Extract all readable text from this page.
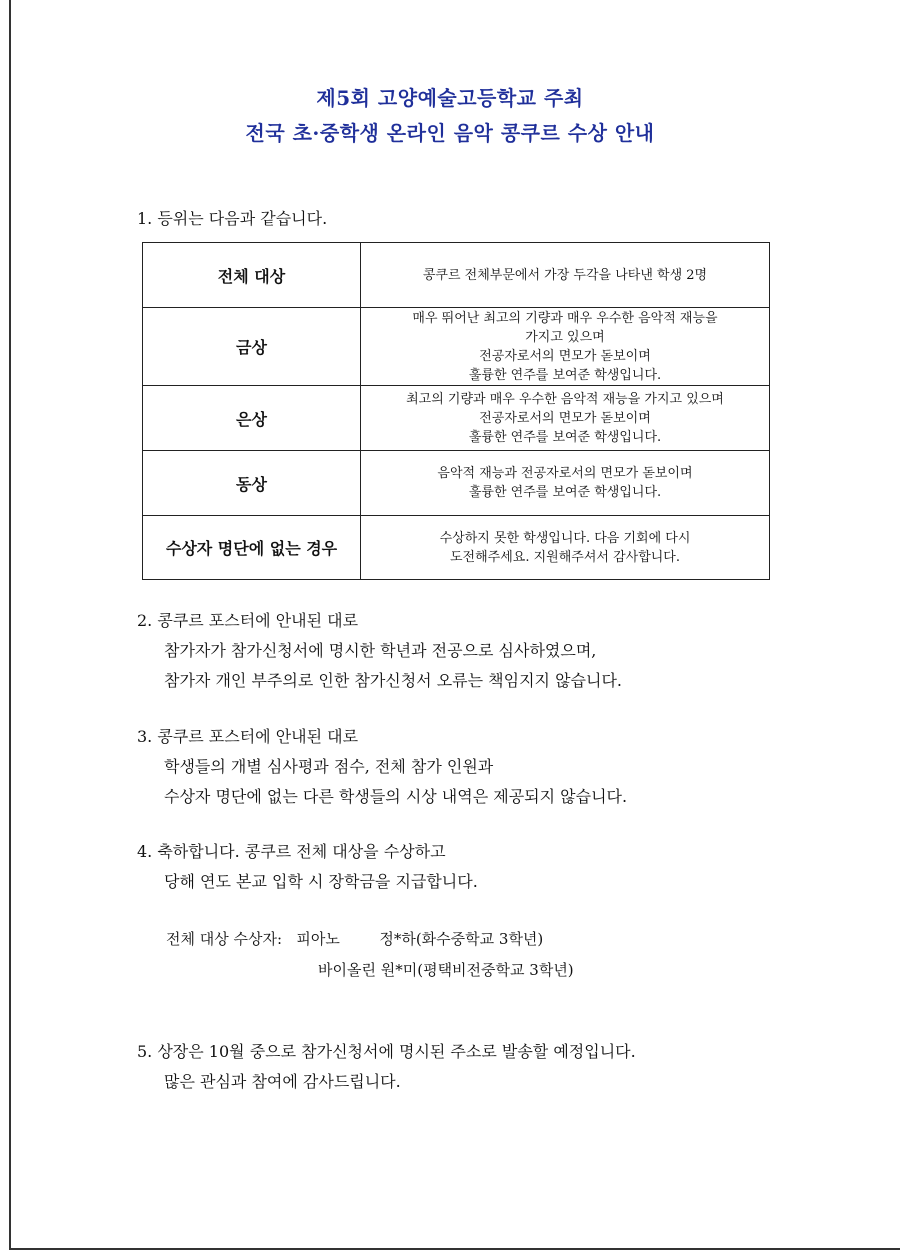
제5회 고양예술고등학교 주최
전국 초·중학생 온라인 음악 콩쿠르 수상 안내
1. 등위는 다음과 같습니다.
전체 대상	콩쿠르 전체부문에서 가장 두각을 나타낸 학생 2명

금상	매우 뛰어난 최고의 기량과 매우 우수한 음악적 재능을
가지고 있으며
전공자로서의 면모가 돋보이며
훌륭한 연주를 보여준 학생입니다.

은상	최고의 기량과 매우 우수한 음악적 재능을 가지고 있으며
전공자로서의 면모가 돋보이며
훌륭한 연주를 보여준 학생입니다.

동상	음악적 재능과 전공자로서의 면모가 돋보이며
훌륭한 연주를 보여준 학생입니다.

수상자 명단에 없는 경우	수상하지 못한 학생입니다. 다음 기회에 다시
도전해주세요. 지원해주셔서 감사합니다.
2. 콩쿠르 포스터에 안내된 대로
참가자가 참가신청서에 명시한 학년과 전공으로 심사하였으며,
참가자 개인 부주의로 인한 참가신청서 오류는 책임지지 않습니다.
3. 콩쿠르 포스터에 안내된 대로
학생들의 개별 심사평과 점수, 전체 참가 인원과
수상자 명단에 없는 다른 학생들의 시상 내역은 제공되지 않습니다.
4. 축하합니다. 콩쿠르 전체 대상을 수상하고
당해 연도 본교 입학 시 장학금을 지급합니다.
전체 대상 수상자: 피아노	정*하(화수중학교 3학년)
바이올린 원*미(평택비전중학교 3학년)
5. 상장은 10월 중으로 참가신청서에 명시된 주소로 발송할 예정입니다.
많은 관심과 참여에 감사드립니다.
